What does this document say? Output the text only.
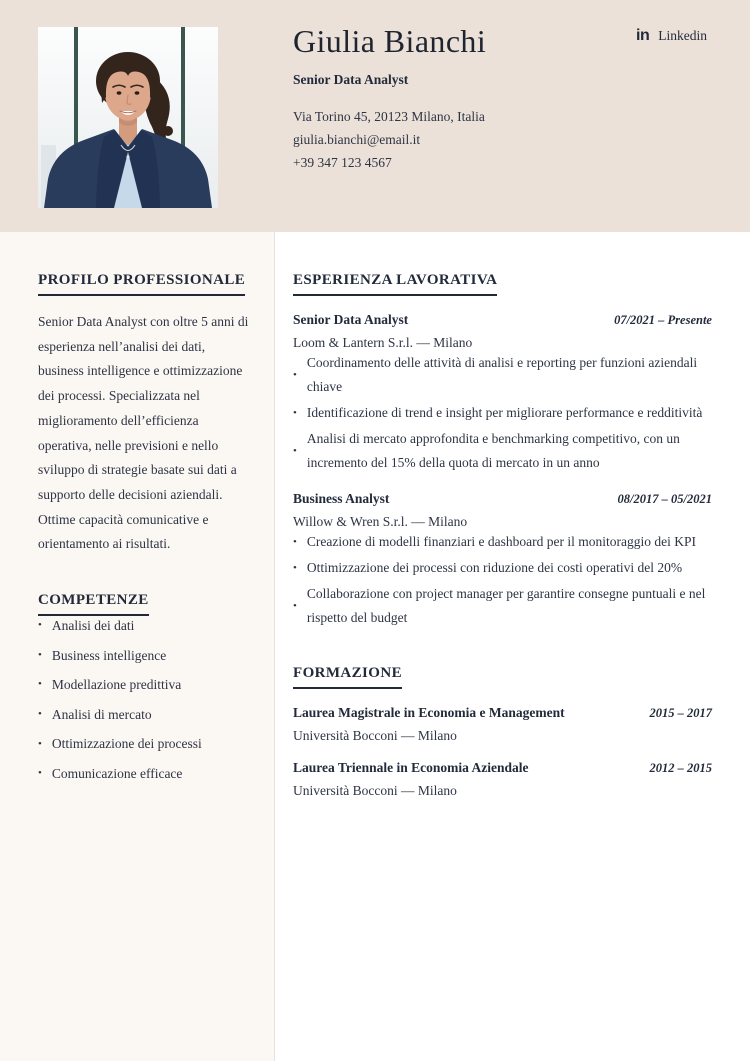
Giulia Bianchi
Senior Data Analyst
Via Torino 45, 20123 Milano, Italia
giulia.bianchi@email.it
+39 347 123 4567
in Linkedin
PROFILO PROFESSIONALE

Senior Data Analyst con oltre 5 anni di esperienza nell’analisi dei dati, business intelligence e ottimizzazione dei processi. Specializzata nel miglioramento dell’efficienza operativa, nelle previsioni e nello sviluppo di strategie basate sui dati a supporto delle decisioni aziendali. Ottime capacità comunicative e orientamento ai risultati.

COMPETENZE
• Analisi dei dati
• Business intelligence
• Modellazione predittiva
• Analisi di mercato
• Ottimizzazione dei processi
• Comunicazione efficace
ESPERIENZA LAVORATIVA
Senior Data Analyst	07/2021 – Presente
Loom & Lantern S.r.l. — Milano
•
Coordinamento delle attività di analisi e reporting per funzioni aziendali chiave
• Identificazione di trend e insight per migliorare performance e redditività
•
Analisi di mercato approfondita e benchmarking competitivo, con un incremento del 15% della quota di mercato in un anno
Business Analyst	08/2017 – 05/2021
Willow & Wren S.r.l. — Milano
• Creazione di modelli finanziari e dashboard per il monitoraggio dei KPI
• Ottimizzazione dei processi con riduzione dei costi operativi del 20%
•
Collaborazione con project manager per garantire consegne puntuali e nel rispetto del budget
FORMAZIONE
Laurea Magistrale in Economia e Management	2015 – 2017
Università Bocconi — Milano
Laurea Triennale in Economia Aziendale	2012 – 2015
Università Bocconi — Milano
